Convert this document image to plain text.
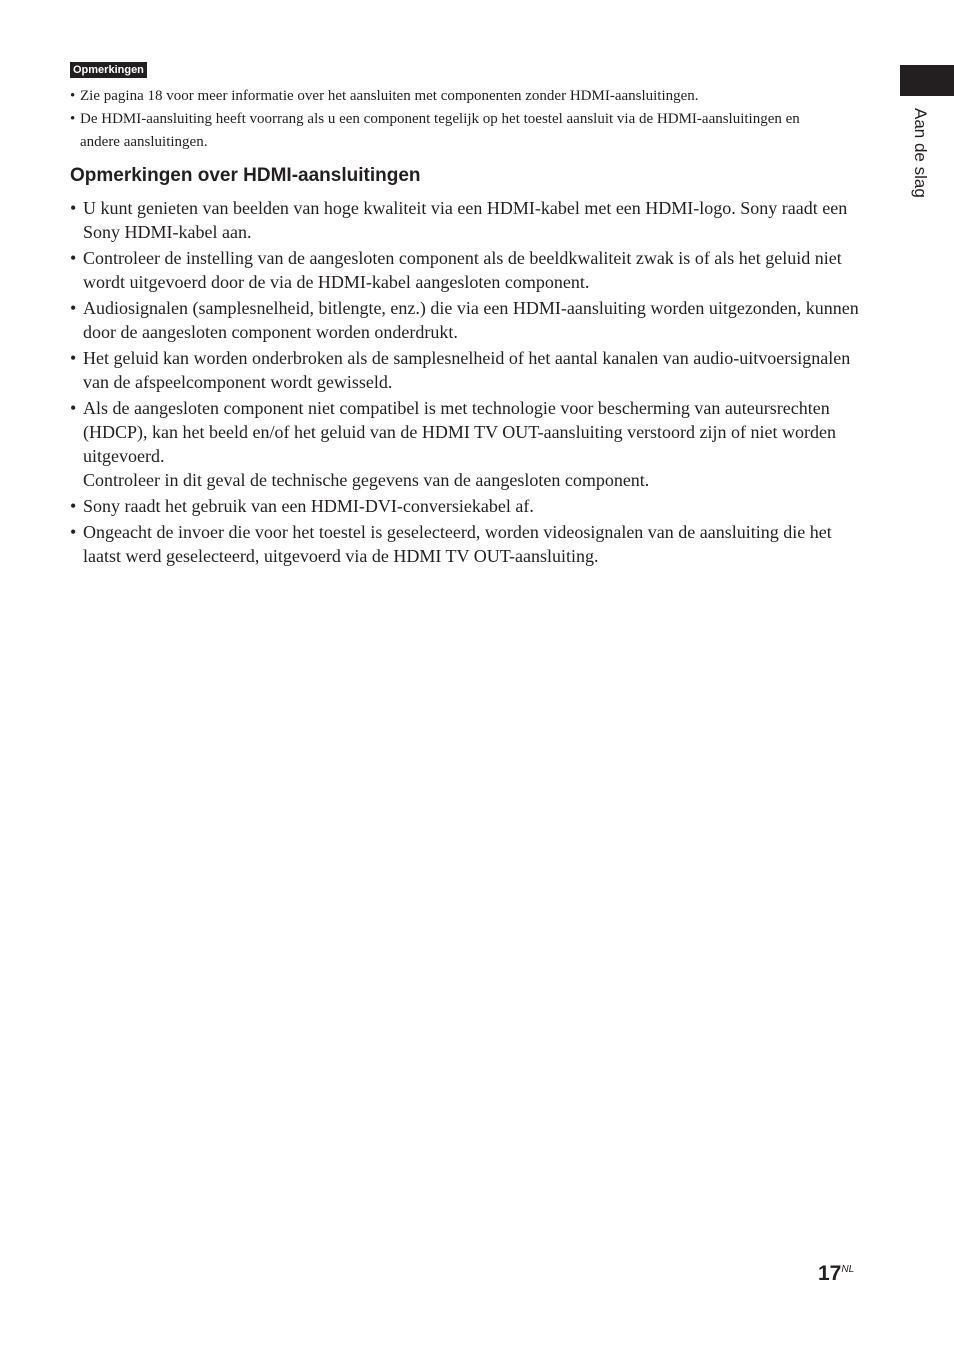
Opmerkingen
• Zie pagina 18 voor meer informatie over het aansluiten met componenten zonder HDMI-aansluitingen.
• De HDMI-aansluiting heeft voorrang als u een component tegelijk op het toestel aansluit via de HDMI-aansluitingen en andere aansluitingen.
Opmerkingen over HDMI-aansluitingen
• U kunt genieten van beelden van hoge kwaliteit via een HDMI-kabel met een HDMI-logo. Sony raadt een Sony HDMI-kabel aan.
• Controleer de instelling van de aangesloten component als de beeldkwaliteit zwak is of als het geluid niet wordt uitgevoerd door de via de HDMI-kabel aangesloten component.
• Audiosignalen (samplesnelheid, bitlengte, enz.) die via een HDMI-aansluiting worden uitgezonden, kunnen door de aangesloten component worden onderdrukt.
• Het geluid kan worden onderbroken als de samplesnelheid of het aantal kanalen van audio-uitvoersignalen van de afspeelcomponent wordt gewisseld.
• Als de aangesloten component niet compatibel is met technologie voor bescherming van auteursrechten (HDCP), kan het beeld en/of het geluid van de HDMI TV OUT-aansluiting verstoord zijn of niet worden uitgevoerd.
Controleer in dit geval de technische gegevens van de aangesloten component.
• Sony raadt het gebruik van een HDMI-DVI-conversiekabel af.
• Ongeacht de invoer die voor het toestel is geselecteerd, worden videosignalen van de aansluiting die het laatst werd geselecteerd, uitgevoerd via de HDMI TV OUT-aansluiting.
Aan de slag
$17^{NL}$
